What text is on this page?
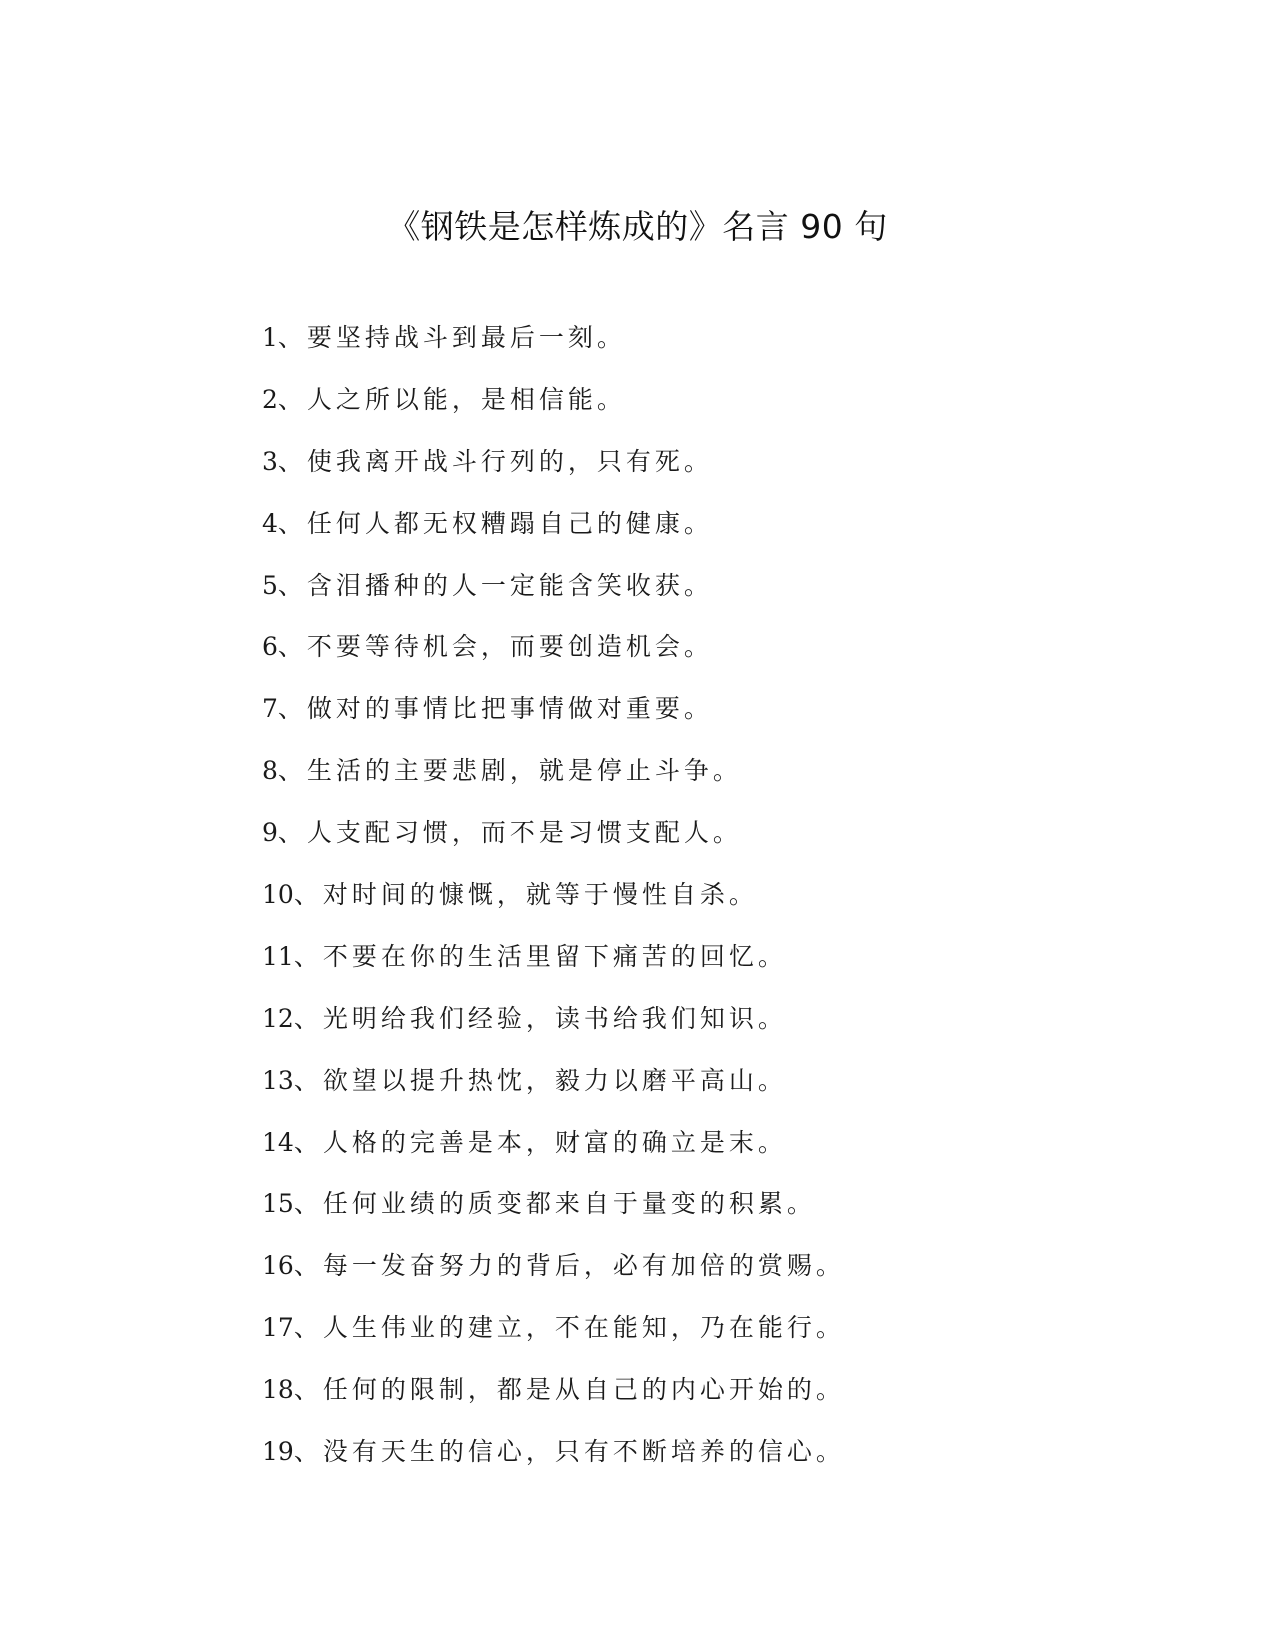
《钢铁是怎样炼成的》名言 90 句
1、要坚持战斗到最后一刻。
2、人之所以能，是相信能。
3、使我离开战斗行列的，只有死。
4、任何人都无权糟蹋自己的健康。
5、含泪播种的人一定能含笑收获。
6、不要等待机会，而要创造机会。
7、做对的事情比把事情做对重要。
8、生活的主要悲剧，就是停止斗争。
9、人支配习惯，而不是习惯支配人。
10、对时间的慷慨，就等于慢性自杀。
11、不要在你的生活里留下痛苦的回忆。
12、光明给我们经验，读书给我们知识。
13、欲望以提升热忱，毅力以磨平高山。
14、人格的完善是本，财富的确立是末。
15、任何业绩的质变都来自于量变的积累。
16、每一发奋努力的背后，必有加倍的赏赐。
17、人生伟业的建立，不在能知，乃在能行。
18、任何的限制，都是从自己的内心开始的。
19、没有天生的信心，只有不断培养的信心。
